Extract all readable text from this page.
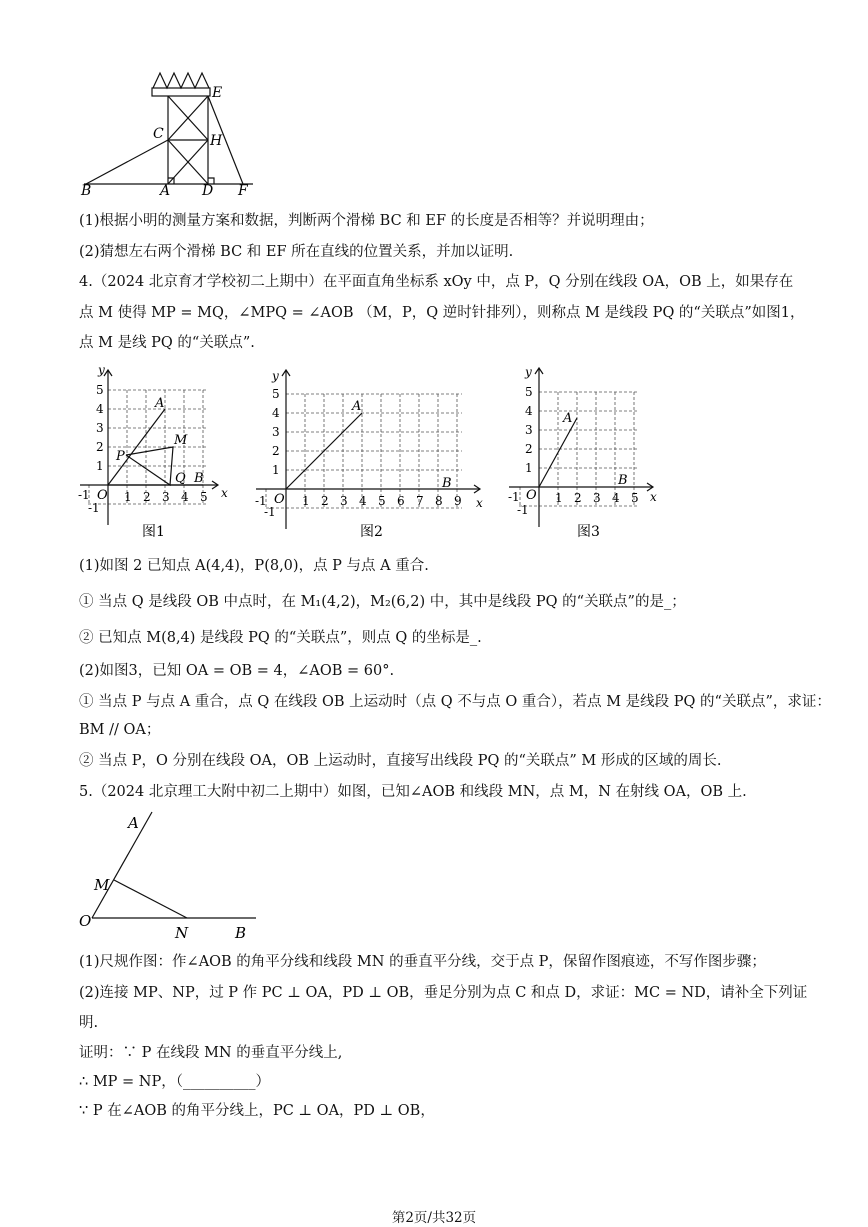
E
C	H
B	A D F
(1)根据小明的测量方案和数据，判断两个滑梯 BC 和 EF 的长度是否相等？并说明理由；
(2)猜想左右两个滑梯 BC 和 EF 所在直线的位置关系，并加以证明.
4.（2024 北京育才学校初二上期中）在平面直角坐标系 xOy 中，点 P，Q 分别在线段 OA，OB 上，如果存在
点 M 使得 MP = MQ，∠MPQ = ∠AOB （M，P，Q 逆时针排列），则称点 M 是线段 PQ 的“关联点”如图1，
点 M 是线 PQ 的“关联点”.
y
x
5
4
3
2
1
-1
-1	1 2 3 4 5
A
M
P
Q B
O
图1
y
x
5
4
3
2
1
-1
-1	1 2 3 4 5 6 7 8 9
A
B
O
图2
y
x
5
4
3
2
1
-1
-1	1 2 3 4 5
A
B
O
图3
(1)如图 2 已知点 A(4,4)，P(8,0)，点 P 与点 A 重合.
① 当点 Q 是线段 OB 中点时，在 M₁(4,2)，M₂(6,2) 中，其中是线段 PQ 的“关联点”的是_；
② 已知点 M(8,4) 是线段 PQ 的“关联点”，则点 Q 的坐标是_.
(2)如图3，已知 OA = OB = 4，∠AOB = 60°.
① 当点 P 与点 A 重合，点 Q 在线段 OB 上运动时（点 Q 不与点 O 重合），若点 M 是线段 PQ 的“关联点”，求证：
BM // OA；
② 当点 P，O 分别在线段 OA，OB 上运动时，直接写出线段 PQ 的“关联点” M 形成的区域的周长.
5.（2024 北京理工大附中初二上期中）如图，已知∠AOB 和线段 MN，点 M，N 在射线 OA，OB 上.
A
M
O
N	B
(1)尺规作图：作∠AOB 的角平分线和线段 MN 的垂直平分线，交于点 P，保留作图痕迹，不写作图步骤；
(2)连接 MP、NP，过 P 作 PC ⊥ OA，PD ⊥ OB，垂足分别为点 C 和点 D，求证：MC = ND，请补全下列证
明.
证明：∵ P 在线段 MN 的垂直平分线上,
∴ MP = NP，（__________）
∵ P 在∠AOB 的角平分线上，PC ⊥ OA，PD ⊥ OB，
第2页/共32页
